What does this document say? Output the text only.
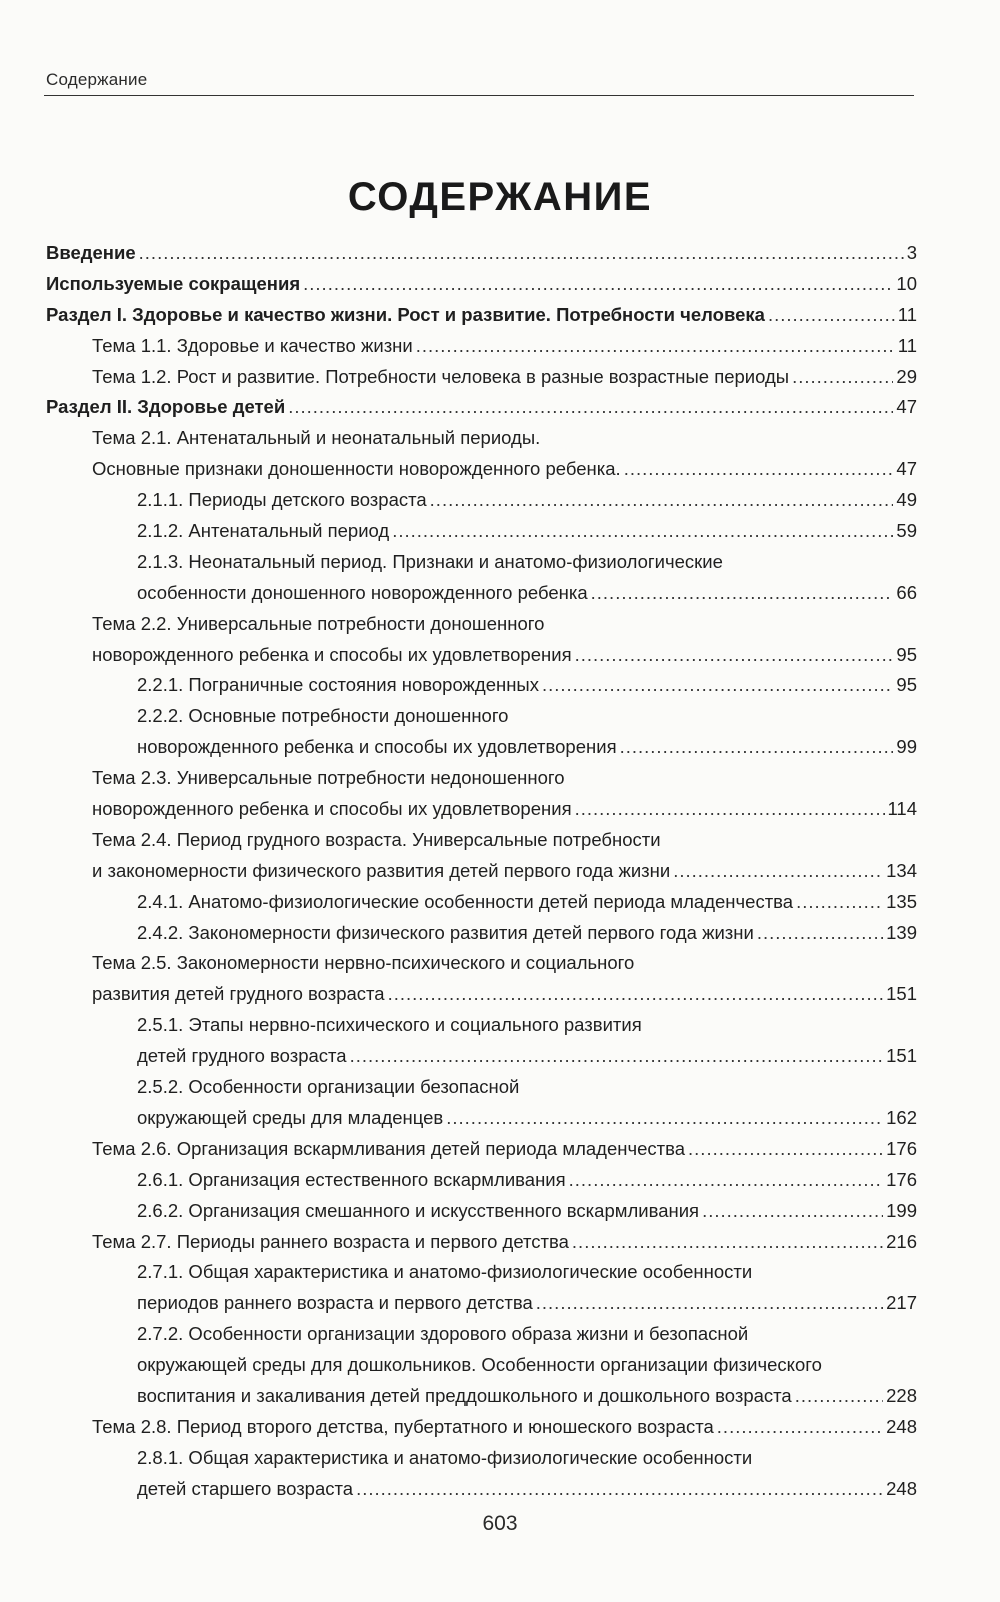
Содержание
СОДЕРЖАНИЕ
Введение .....	3
Используемые сокращения .....	10
Раздел I. Здоровье и качество жизни. Рост и развитие. Потребности человека .....	11
Тема 1.1. Здоровье и качество жизни .....	11
Тема 1.2. Рост и развитие. Потребности человека в разные возрастные периоды .....	29
Раздел II. Здоровье детей .....	47
Тема 2.1. Антенатальный и неонатальный периоды.
Основные признаки доношенности новорожденного ребенка. .....	47
2.1.1. Периоды детского возраста .....	49
2.1.2. Антенатальный период .....	59
2.1.3. Неонатальный период. Признаки и анатомо-физиологические
особенности доношенного новорожденного ребенка .....	66
Тема 2.2. Универсальные потребности доношенного
новорожденного ребенка и способы их удовлетворения .....	95
2.2.1. Пограничные состояния новорожденных .....	95
2.2.2. Основные потребности доношенного
новорожденного ребенка и способы их удовлетворения .....	99
Тема 2.3. Универсальные потребности недоношенного
новорожденного ребенка и способы их удовлетворения .....	114
Тема 2.4. Период грудного возраста. Универсальные потребности
и закономерности физического развития детей первого года жизни .....	134
2.4.1. Анатомо-физиологические особенности детей периода младенчества .....	135
2.4.2. Закономерности физического развития детей первого года жизни .....	139
Тема 2.5. Закономерности нервно-психического и социального
развития детей грудного возраста .....	151
2.5.1. Этапы нервно-психического и социального развития
детей грудного возраста .....	151
2.5.2. Особенности организации безопасной
окружающей среды для младенцев .....	162
Тема 2.6. Организация вскармливания детей периода младенчества .....	176
2.6.1. Организация естественного вскармливания .....	176
2.6.2. Организация смешанного и искусственного вскармливания .....	199
Тема 2.7. Периоды раннего возраста и первого детства .....	216
2.7.1. Общая характеристика и анатомо-физиологические особенности
периодов раннего возраста и первого детства .....	217
2.7.2. Особенности организации здорового образа жизни и безопасной
окружающей среды для дошкольников. Особенности организации физического
воспитания и закаливания детей преддошкольного и дошкольного возраста .....	228
Тема 2.8. Период второго детства, пубертатного и юношеского возраста .....	248
2.8.1. Общая характеристика и анатомо-физиологические особенности
детей старшего возраста .....	248
603
